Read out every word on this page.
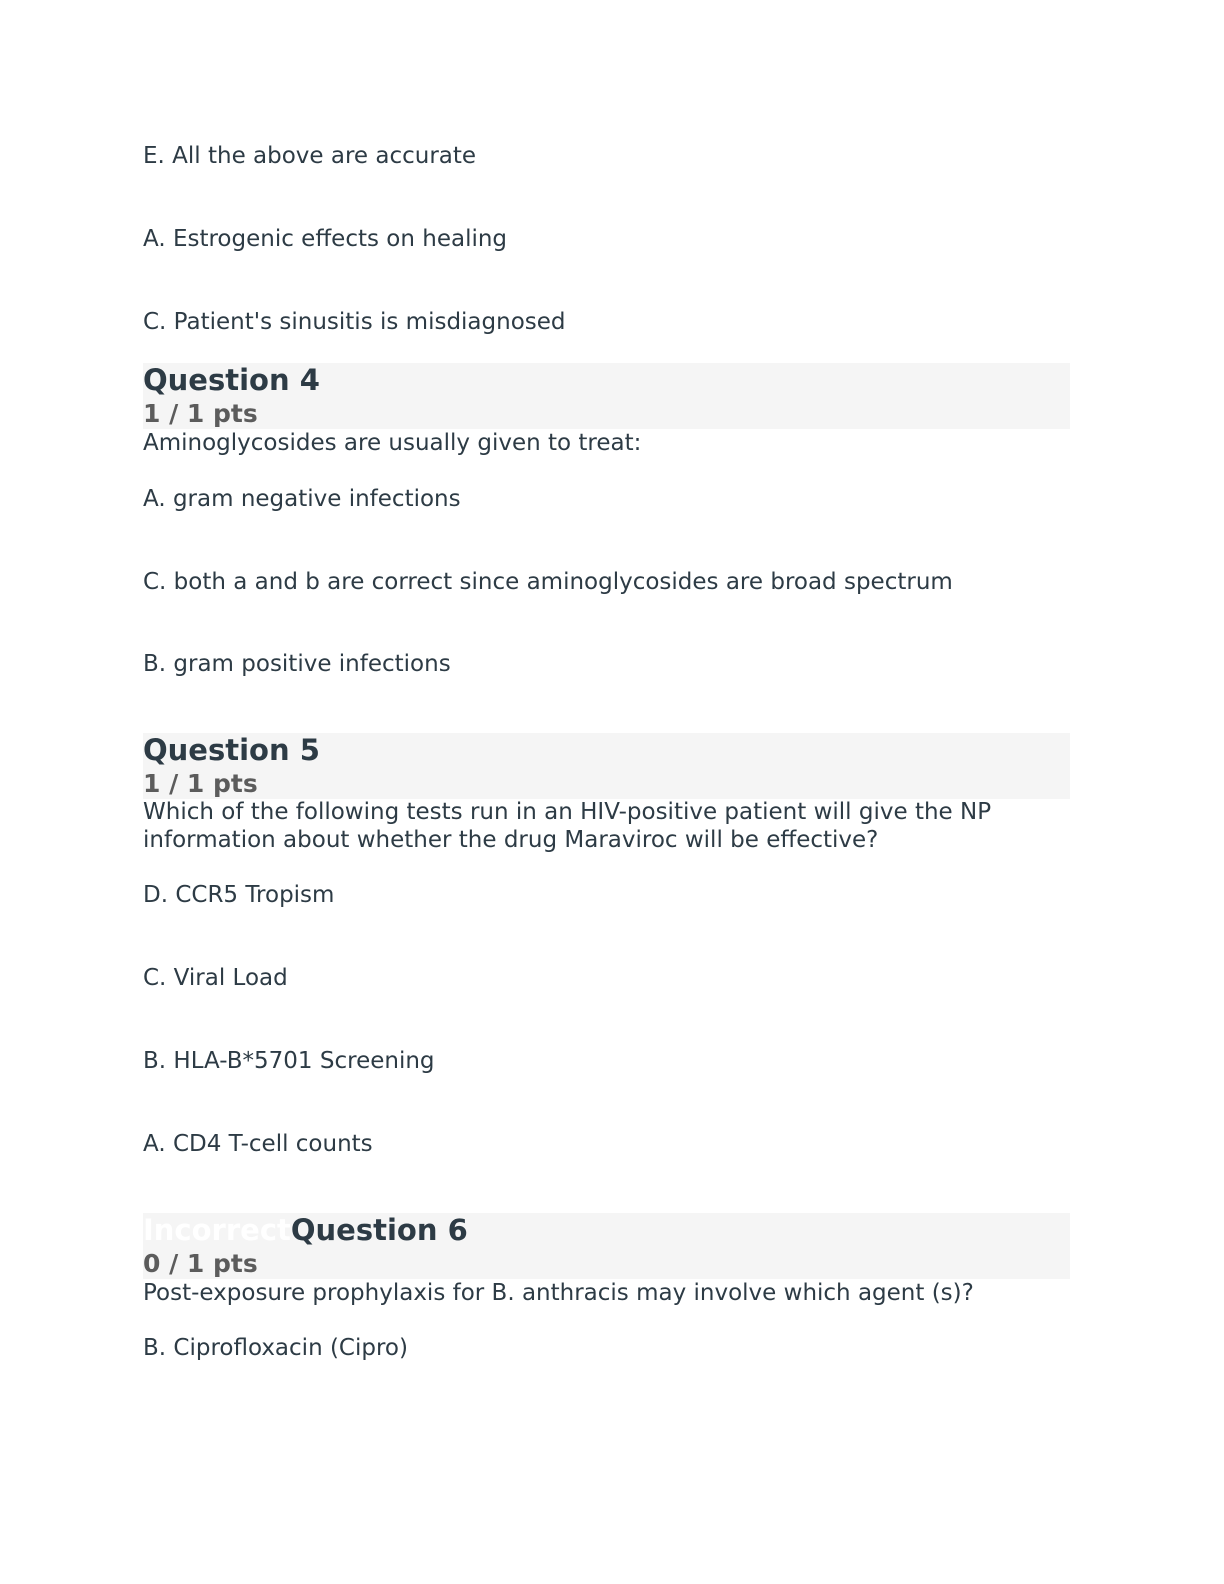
E. All the above are accurate
A. Estrogenic effects on healing
C. Patient's sinusitis is misdiagnosed
Question 4
1 / 1 pts
Aminoglycosides are usually given to treat:
A. gram negative infections
C. both a and b are correct since aminoglycosides are broad spectrum
B. gram positive infections
Question 5
1 / 1 pts
Which of the following tests run in an HIV-positive patient will give the NP information about whether the drug Maraviroc will be effective?
D. CCR5 Tropism
C. Viral Load
B. HLA-B*5701 Screening
A. CD4 T-cell counts
IncorrectQuestion 6
0 / 1 pts
Post-exposure prophylaxis for B. anthracis may involve which agent (s)?
B. Ciprofloxacin (Cipro)
